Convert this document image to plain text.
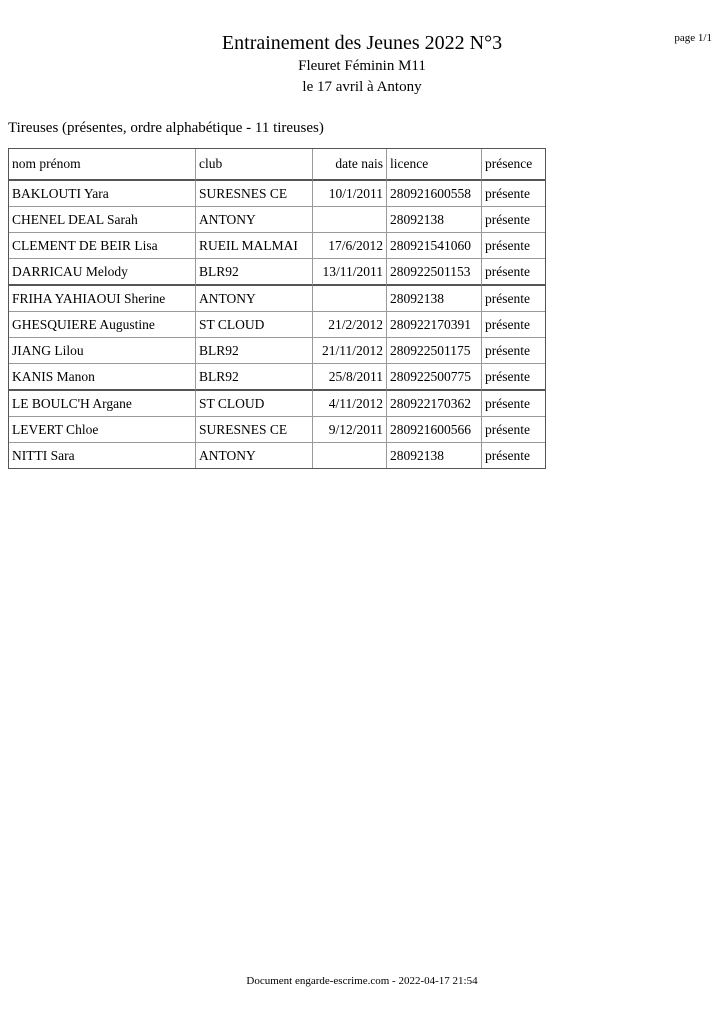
page 1/1
Entrainement des Jeunes 2022 N°3
Fleuret Féminin M11
le 17 avril à Antony
Tireuses (présentes, ordre alphabétique - 11 tireuses)
nom prénom	club	date nais	licence	présence
BAKLOUTI Yara	SURESNES CE	10/1/2011	280921600558	présente
CHENEL DEAL Sarah	ANTONY		28092138	présente
CLEMENT DE BEIR Lisa	RUEIL MALMAI	17/6/2012	280921541060	présente
DARRICAU Melody	BLR92	13/11/2011	280922501153	présente
FRIHA YAHIAOUI Sherine	ANTONY		28092138	présente
GHESQUIERE Augustine	ST CLOUD	21/2/2012	280922170391	présente
JIANG Lilou	BLR92	21/11/2012	280922501175	présente
KANIS Manon	BLR92	25/8/2011	280922500775	présente
LE BOULC'H Argane	ST CLOUD	4/11/2012	280922170362	présente
LEVERT Chloe	SURESNES CE	9/12/2011	280921600566	présente
NITTI Sara	ANTONY		28092138	présente
Document engarde-escrime.com - 2022-04-17 21:54
